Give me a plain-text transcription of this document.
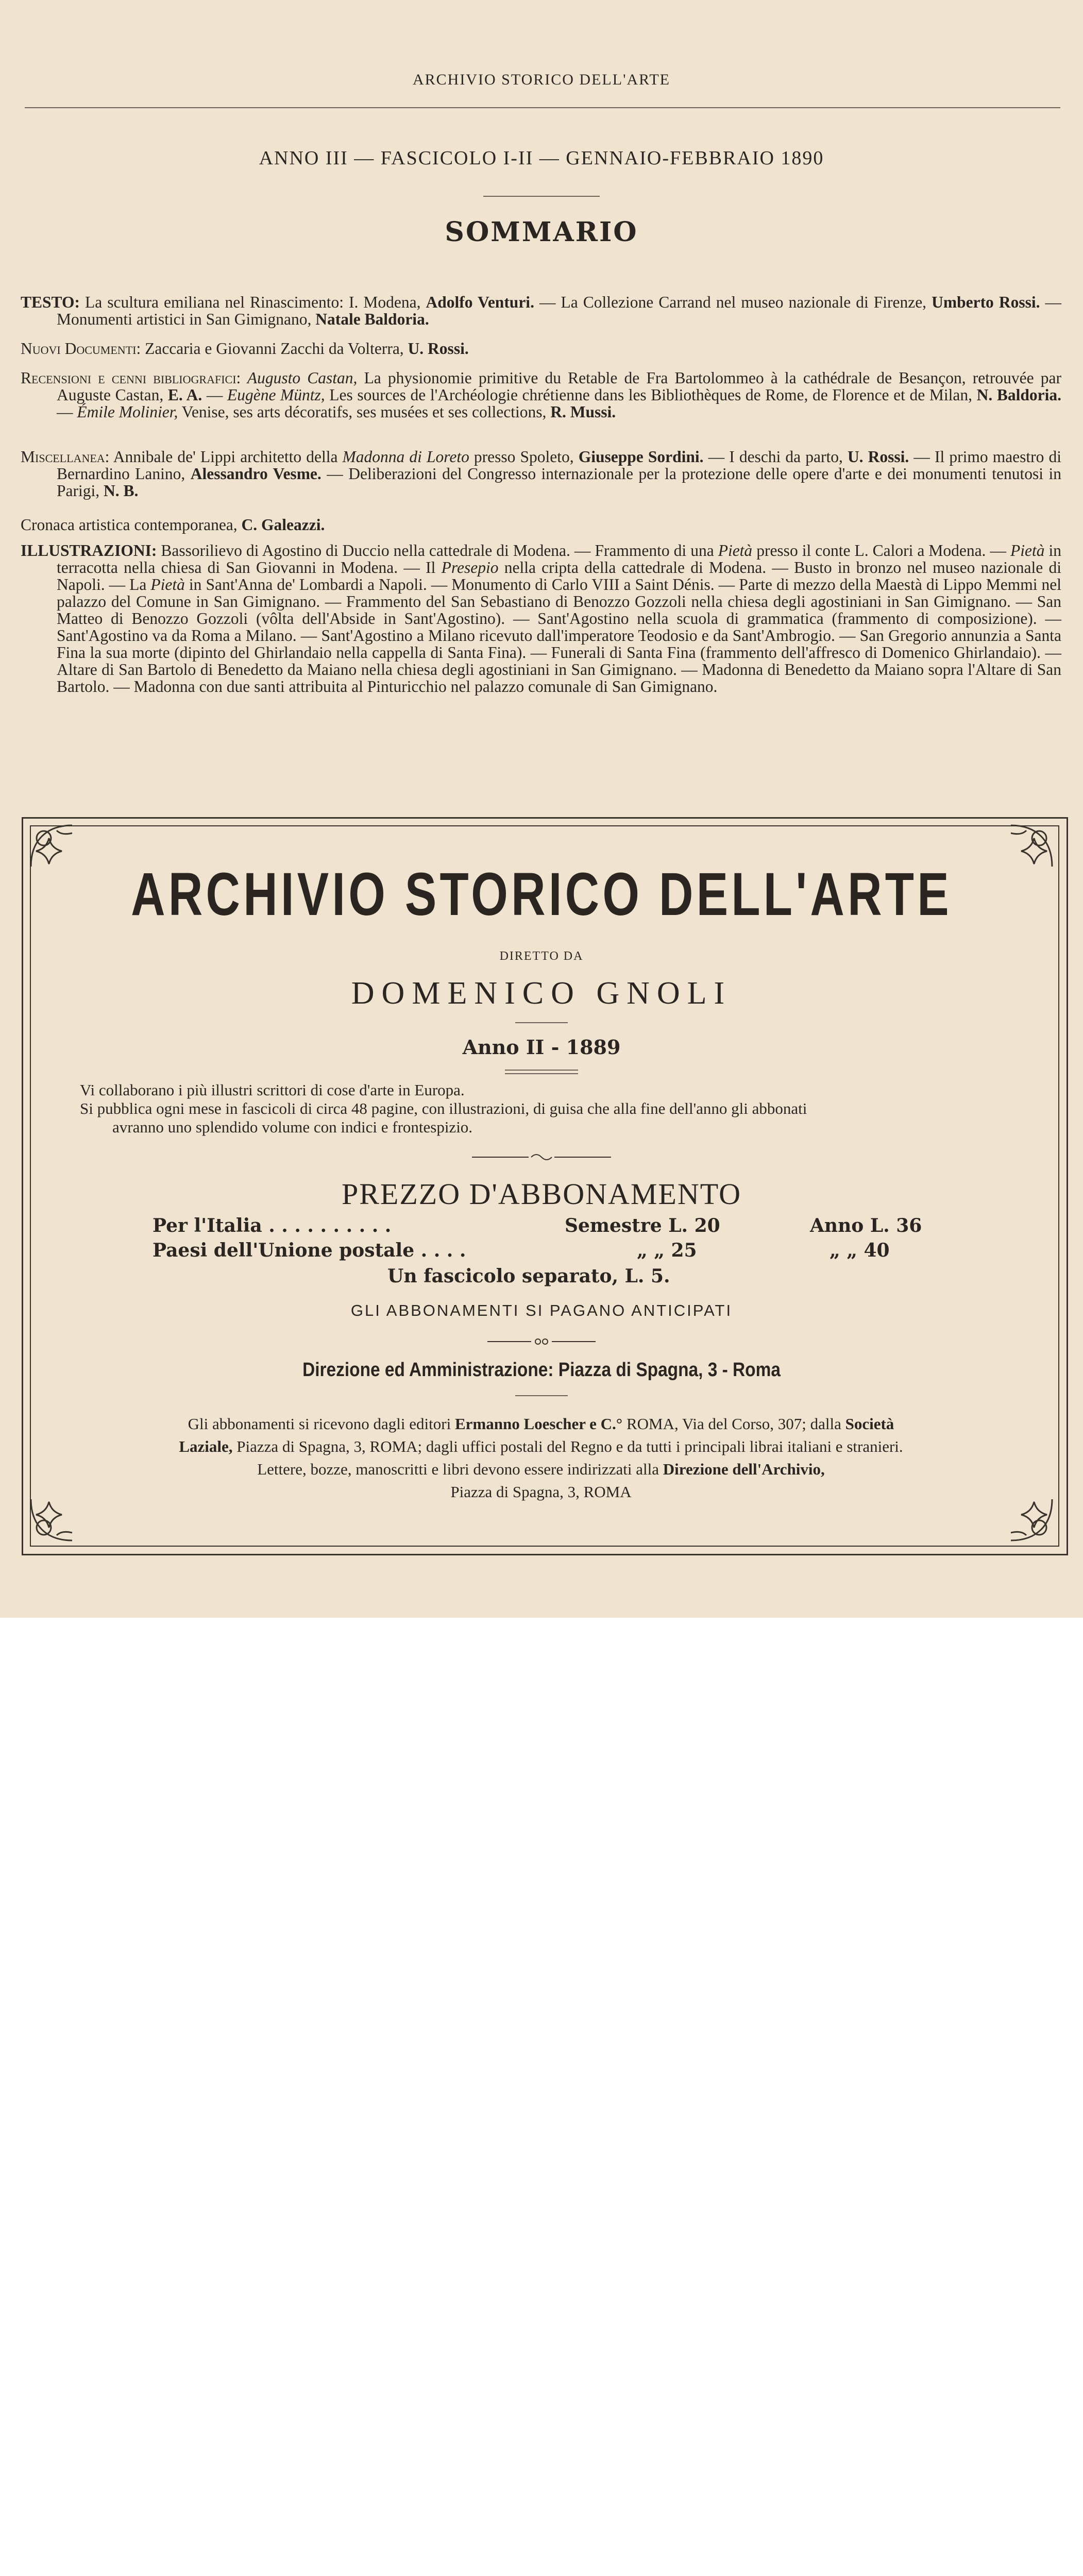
ARCHIVIO STORICO DELL'ARTE
ANNO III — FASCICOLO I-II — GENNAIO-FEBBRAIO 1890
SOMMARIO

TESTO: La scultura emiliana nel Rinascimento: I. Modena, Adolfo Venturi. — La Collezione Carrand nel museo nazionale di Firenze, Umberto Rossi. — Monumenti artistici in San Gimignano, Natale Baldoria.

Nuovi Documenti: Zaccaria e Giovanni Zacchi da Volterra, U. Rossi.

Recensioni e cenni bibliografici: Augusto Castan, La physionomie primitive du Retable de Fra Bartolommeo à la cathédrale de Besançon, retrouvée par Auguste Castan, E. A. — Eugène Müntz, Les sources de l'Archéologie chrétienne dans les Bibliothèques de Rome, de Florence et de Milan, N. Baldoria. — Émile Molinier, Venise, ses arts décoratifs, ses musées et ses collections, R. Mussi.

Miscellanea: Annibale de' Lippi architetto della Madonna di Loreto presso Spoleto, Giuseppe Sordini. — I deschi da parto, U. Rossi. — Il primo maestro di Bernardino Lanino, Alessandro Vesme. — Deliberazioni del Congresso internazionale per la protezione delle opere d'arte e dei monumenti tenutosi in Parigi, N. B.

Cronaca artistica contemporanea, C. Galeazzi.

ILLUSTRAZIONI: Bassorilievo di Agostino di Duccio nella cattedrale di Modena. — Frammento di una Pietà presso il conte L. Calori a Modena. — Pietà in terracotta nella chiesa di San Giovanni in Modena. — Il Presepio nella cripta della cattedrale di Modena. — Busto in bronzo nel museo nazionale di Napoli. — La Pietà in Sant'Anna de' Lombardi a Napoli. — Monumento di Carlo VIII a Saint Dénis. — Parte di mezzo della Maestà di Lippo Memmi nel palazzo del Comune in San Gimignano. — Frammento del San Sebastiano di Benozzo Gozzoli nella chiesa degli agostiniani in San Gimignano. — San Matteo di Benozzo Gozzoli (vôlta dell'Abside in Sant'Agostino). — Sant'Agostino nella scuola di grammatica (frammento di composizione). — Sant'Agostino va da Roma a Milano. — Sant'Agostino a Milano ricevuto dall'imperatore Teodosio e da Sant'Ambrogio. — San Gregorio annunzia a Santa Fina la sua morte (dipinto del Ghirlandaio nella cappella di Santa Fina). — Funerali di Santa Fina (frammento dell'affresco di Domenico Ghirlandaio). — Altare di San Bartolo di Benedetto da Maiano nella chiesa degli agostiniani in San Gimignano. — Madonna di Benedetto da Maiano sopra l'Altare di San Bartolo. — Madonna con due santi attribuita al Pinturicchio nel palazzo comunale di San Gimignano.

ARCHIVIO STORICO DELL'ARTE
DIRETTO DA
DOMENICO GNOLI
Anno II - 1889
Vi collaborano i più illustri scrittori di cose d'arte in Europa.
Si pubblica ogni mese in fascicoli di circa 48 pagine, con illustrazioni, di guisa che alla fine dell'anno gli abbonati
avranno uno splendido volume con indici e frontespizio.
PREZZO D'ABBONAMENTO
Per l'Italia . . . . . . . . . .	Semestre L. 20	Anno L. 36
Paesi dell'Unione postale . . . .	„ „ 25	„ „ 40
Un fascicolo separato, L. 5.
GLI ABBONAMENTI SI PAGANO ANTICIPATI
Direzione ed Amministrazione: Piazza di Spagna, 3 - Roma
Gli abbonamenti si ricevono dagli editori Ermanno Loescher e C.° ROMA, Via del Corso, 307; dalla Società
Laziale, Piazza di Spagna, 3, ROMA; dagli uffici postali del Regno e da tutti i principali librai italiani e stranieri.
Lettere, bozze, manoscritti e libri devono essere indirizzati alla Direzione dell'Archivio,
Piazza di Spagna, 3, ROMA
